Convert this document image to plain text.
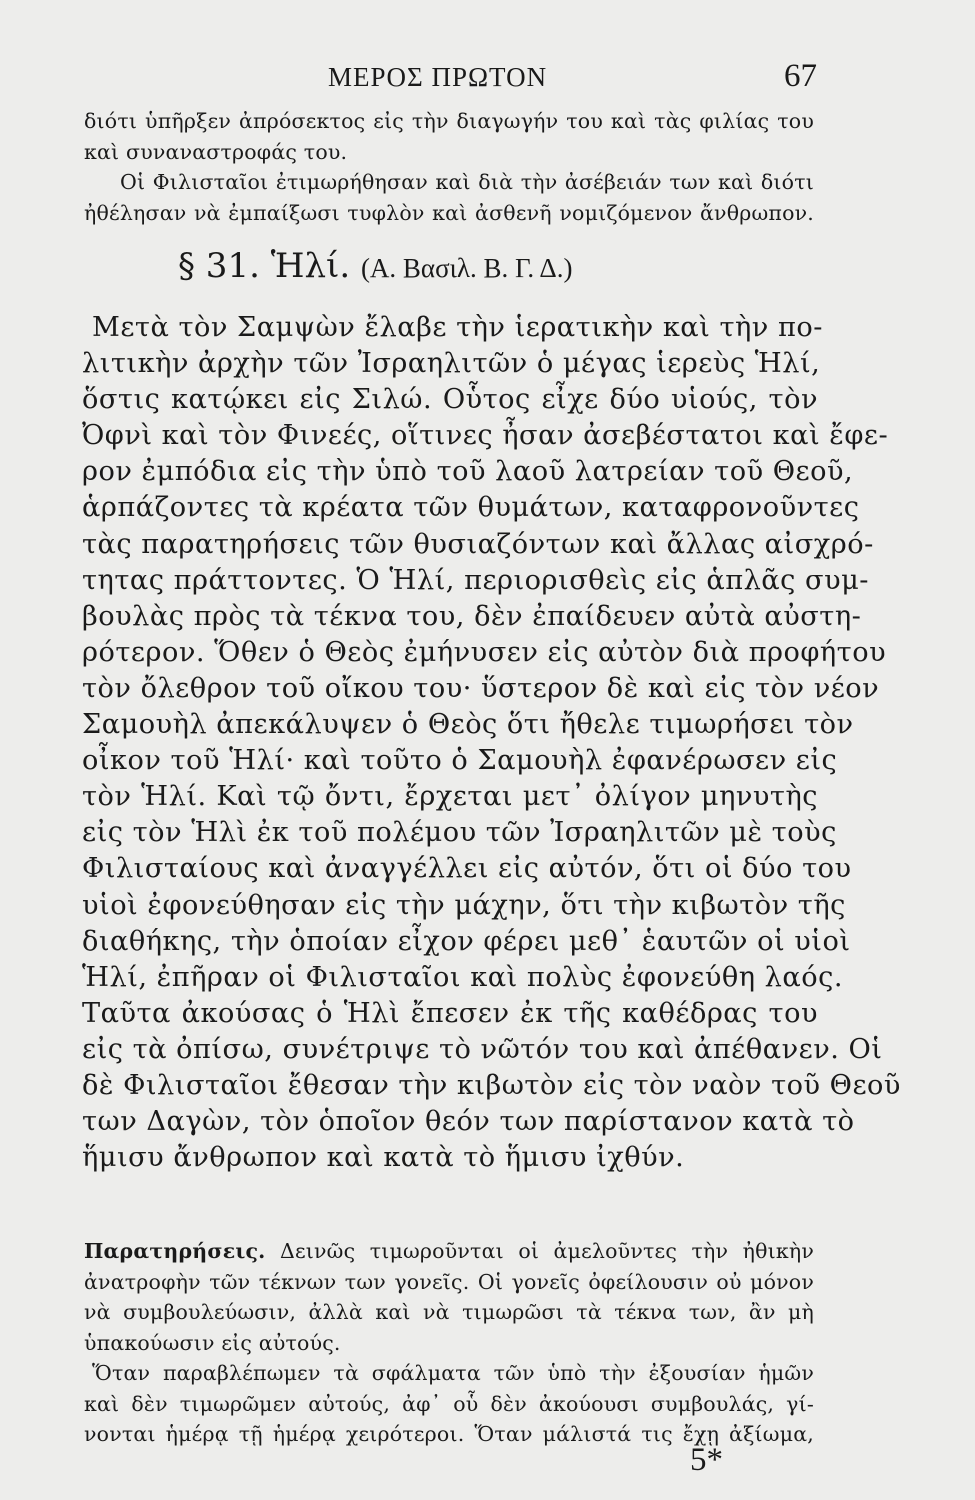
ΜΕΡΟΣ ΠΡΩΤΟΝ	67
διότι ὑπῆρξεν ἀπρόσεκτος εἰς τὴν διαγωγήν του καὶ τὰς φιλίας του
καὶ συναναστροφάς του.
Οἱ Φιλισταῖοι ἐτιμωρήθησαν καὶ διὰ τὴν ἀσέβειάν των καὶ διότι
ἠθέλησαν νὰ ἐμπαίξωσι τυφλὸν καὶ ἀσθενῆ νομιζόμενον ἄνθρωπον.
§ 31. Ἡλί. (Α. Βασιλ. Β. Γ. Δ.)
Μετὰ τὸν Σαμψὼν ἔλαβε τὴν ἱερατικὴν καὶ τὴν πο-
λιτικὴν ἀρχὴν τῶν Ἰσραηλιτῶν ὁ μέγας ἱερεὺς Ἡλί,
ὅστις κατῴκει εἰς Σιλώ. Οὗτος εἶχε δύο υἱούς, τὸν
Ὀφνὶ καὶ τὸν Φινεές, οἵτινες ἦσαν ἀσεβέστατοι καὶ ἔφε-
ρον ἐμπόδια εἰς τὴν ὑπὸ τοῦ λαοῦ λατρείαν τοῦ Θεοῦ,
ἁρπάζοντες τὰ κρέατα τῶν θυμάτων, καταφρονοῦντες
τὰς παρατηρήσεις τῶν θυσιαζόντων καὶ ἄλλας αἰσχρό-
τητας πράττοντες. Ὁ Ἡλί, περιορισθεὶς εἰς ἁπλᾶς συμ-
βουλὰς πρὸς τὰ τέκνα του, δὲν ἐπαίδευεν αὐτὰ αὐστη-
ρότερον. Ὅθεν ὁ Θεὸς ἐμήνυσεν εἰς αὐτὸν διὰ προφήτου
τὸν ὄλεθρον τοῦ οἴκου του· ὕστερον δὲ καὶ εἰς τὸν νέον
Σαμουὴλ ἀπεκάλυψεν ὁ Θεὸς ὅτι ἤθελε τιμωρήσει τὸν
οἶκον τοῦ Ἡλί· καὶ τοῦτο ὁ Σαμουὴλ ἐφανέρωσεν εἰς
τὸν Ἡλί. Καὶ τῷ ὄντι, ἔρχεται μετ᾽ ὀλίγον μηνυτὴς
εἰς τὸν Ἡλὶ ἐκ τοῦ πολέμου τῶν Ἰσραηλιτῶν μὲ τοὺς
Φιλισταίους καὶ ἀναγγέλλει εἰς αὐτόν, ὅτι οἱ δύο του
υἱοὶ ἐφονεύθησαν εἰς τὴν μάχην, ὅτι τὴν κιβωτὸν τῆς
διαθήκης, τὴν ὁποίαν εἶχον φέρει μεθ᾽ ἑαυτῶν οἱ υἱοὶ
Ἡλί, ἐπῆραν οἱ Φιλισταῖοι καὶ πολὺς ἐφονεύθη λαός.
Ταῦτα ἀκούσας ὁ Ἡλὶ ἔπεσεν ἐκ τῆς καθέδρας του
εἰς τὰ ὀπίσω, συνέτριψε τὸ νῶτόν του καὶ ἀπέθανεν. Οἱ
δὲ Φιλισταῖοι ἔθεσαν τὴν κιβωτὸν εἰς τὸν ναὸν τοῦ Θεοῦ
των Δαγὼν, τὸν ὁποῖον θεόν των παρίστανον κατὰ τὸ
ἥμισυ ἄνθρωπον καὶ κατὰ τὸ ἥμισυ ἰχθύν.
Παρατηρήσεις. Δεινῶς τιμωροῦνται οἱ ἀμελοῦντες τὴν ἠθικὴν
ἀνατροφὴν τῶν τέκνων των γονεῖς. Οἱ γονεῖς ὀφείλουσιν οὐ μόνον
νὰ συμβουλεύωσιν, ἀλλὰ καὶ νὰ τιμωρῶσι τὰ τέκνα των, ἂν μὴ
ὑπακούωσιν εἰς αὐτούς.
Ὅταν παραβλέπωμεν τὰ σφάλματα τῶν ὑπὸ τὴν ἐξουσίαν ἡμῶν
καὶ δὲν τιμωρῶμεν αὐτούς, ἀφ᾽ οὗ δὲν ἀκούουσι συμβουλάς, γί-
νονται ἡμέρᾳ τῇ ἡμέρᾳ χειρότεροι. Ὅταν μάλιστά τις ἔχῃ ἀξίωμα,
5*
